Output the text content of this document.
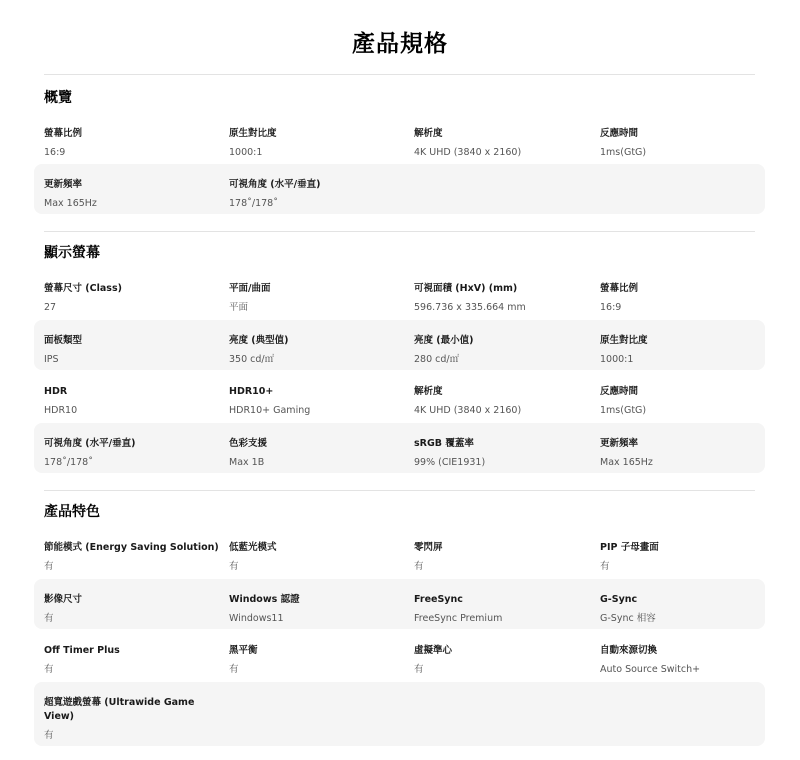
產品規格
概覽
螢幕比例
16:9
原生對比度
1000:1
解析度
4K UHD (3840 x 2160)
反應時間
1ms(GtG)
更新頻率
Max 165Hz
可視角度 (水平/垂直)
178˚/178˚
顯示螢幕
螢幕尺寸 (Class)
27
平面/曲面
平面
可視面積 (HxV) (mm)
596.736 x 335.664 mm
螢幕比例
16:9
面板類型
IPS
亮度 (典型值)
350 cd/㎡
亮度 (最小值)
280 cd/㎡
原生對比度
1000:1
HDR
HDR10
HDR10+
HDR10+ Gaming
解析度
4K UHD (3840 x 2160)
反應時間
1ms(GtG)
可視角度 (水平/垂直)
178˚/178˚
色彩支援
Max 1B
sRGB 覆蓋率
99% (CIE1931)
更新頻率
Max 165Hz
產品特色
節能模式 (Energy Saving Solution)
有
低藍光模式
有
零閃屏
有
PIP 子母畫面
有
影像尺寸
有
Windows 認證
Windows11
FreeSync
FreeSync Premium
G-Sync
G-Sync 相容
Off Timer Plus
有
黑平衡
有
虛擬準心
有
自動來源切換
Auto Source Switch+
超寬遊戲螢幕 (Ultrawide Game View)
有
